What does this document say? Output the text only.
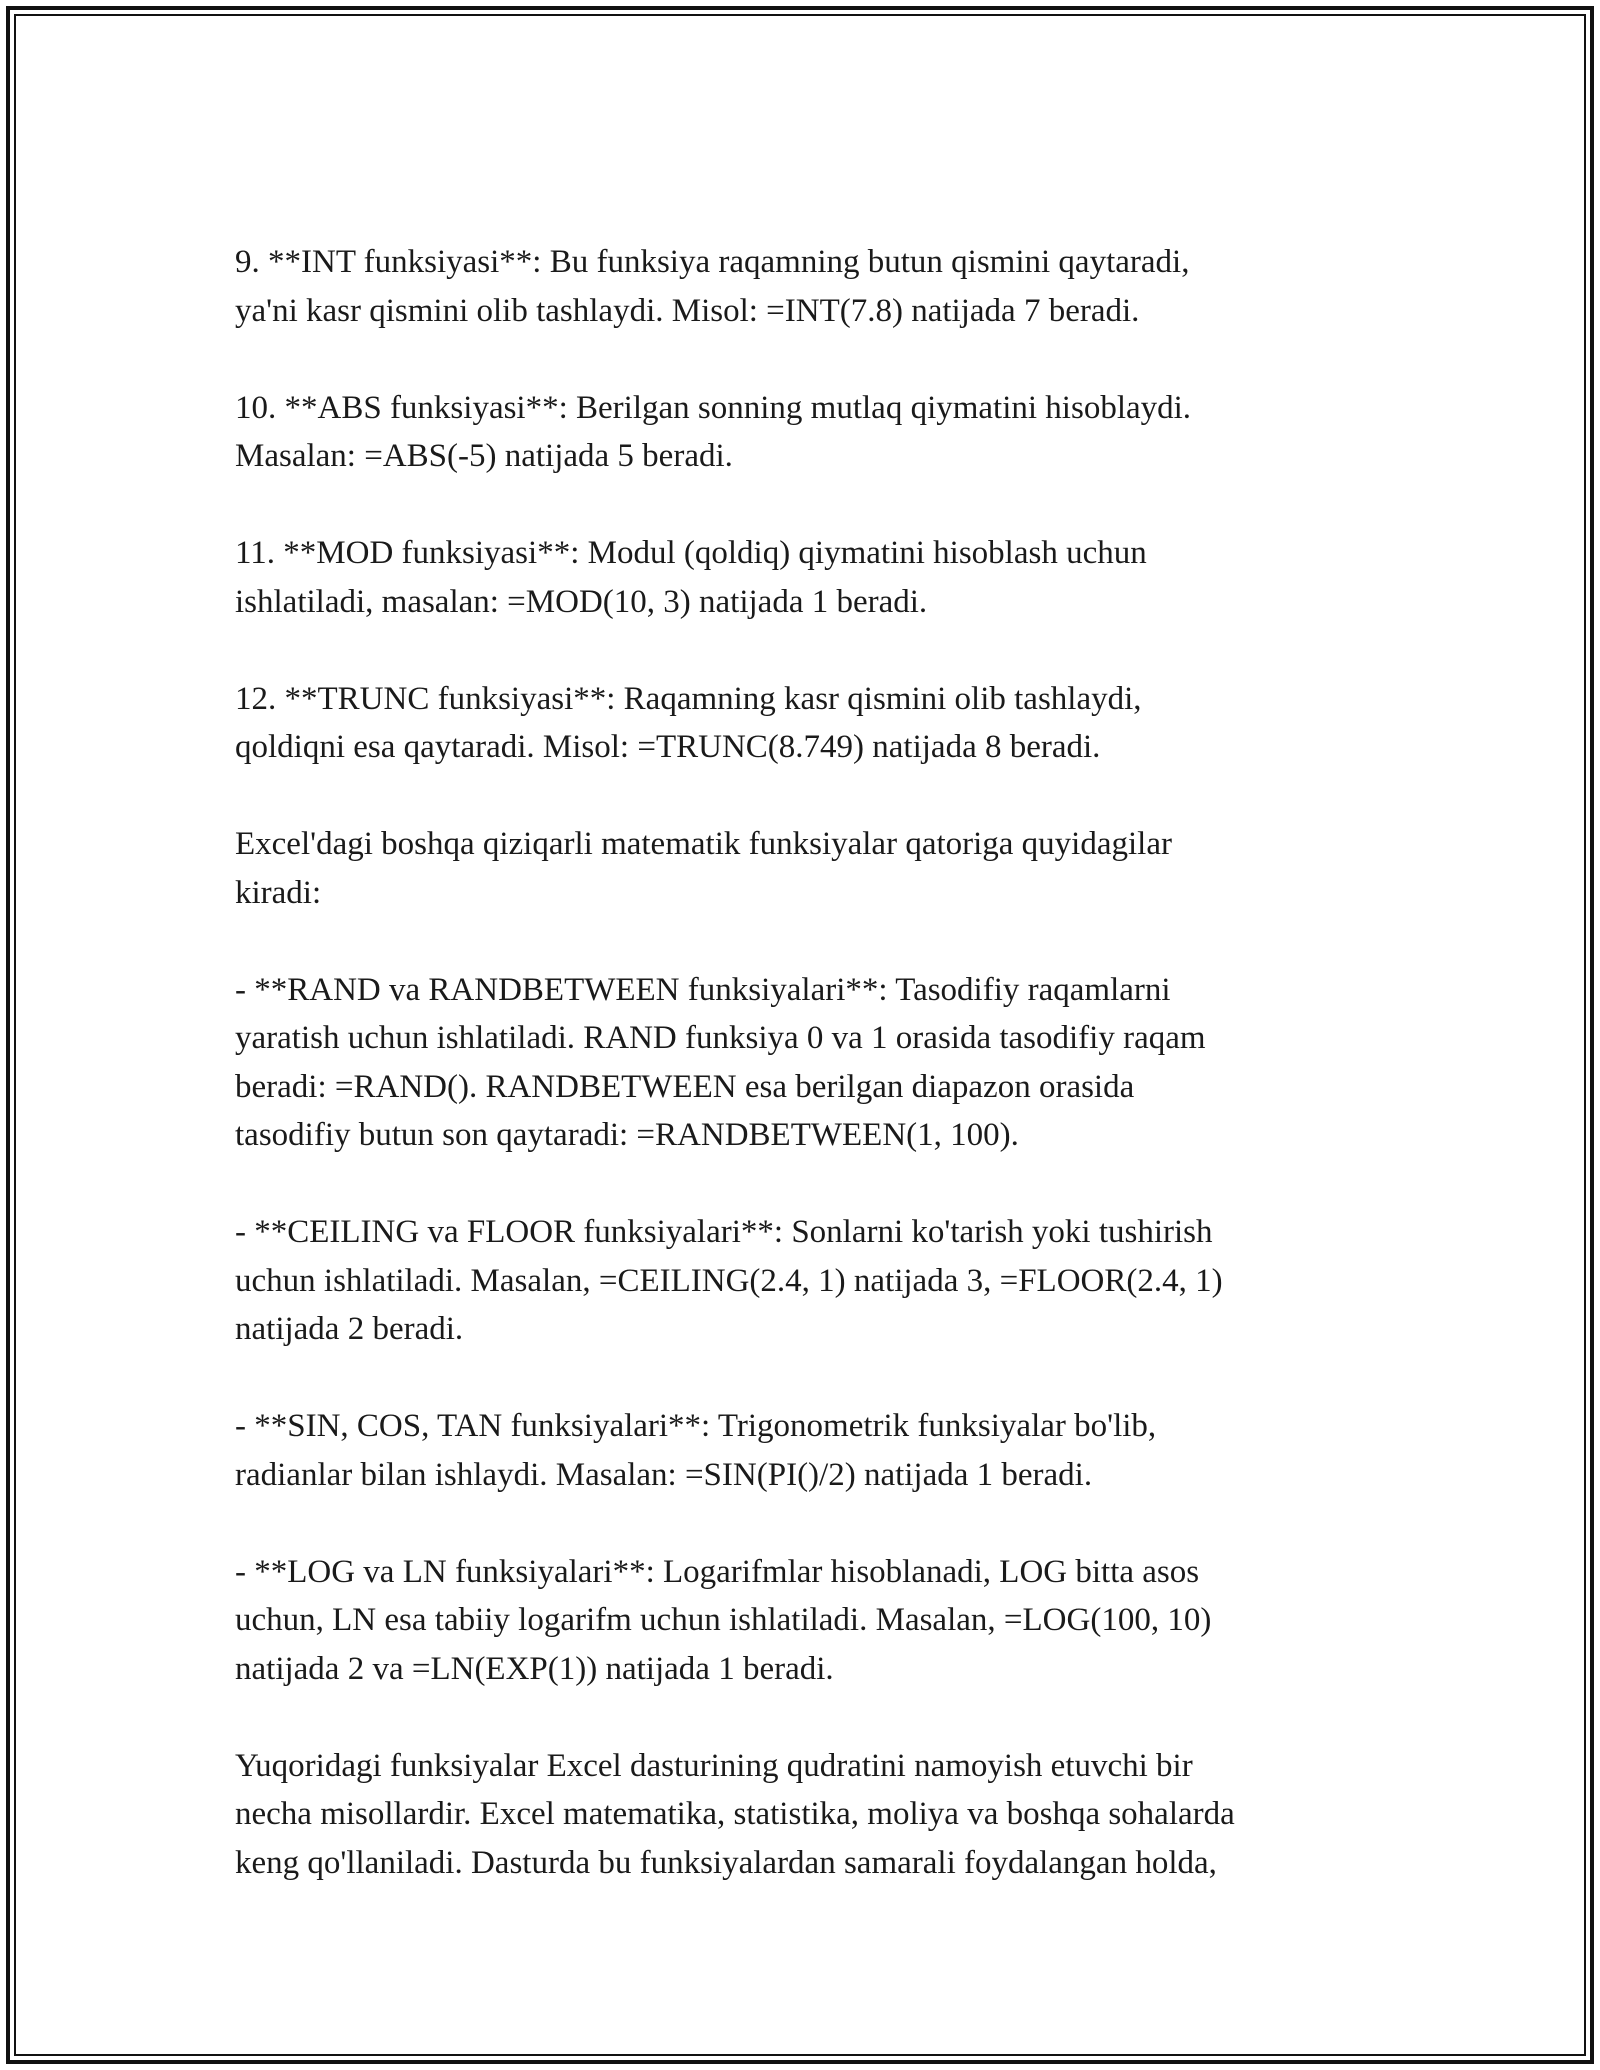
9. **INT funksiyasi**: Bu funksiya raqamning butun qismini qaytaradi,
ya'ni kasr qismini olib tashlaydi. Misol: =INT(7.8) natijada 7 beradi.

10. **ABS funksiyasi**: Berilgan sonning mutlaq qiymatini hisoblaydi.
Masalan: =ABS(-5) natijada 5 beradi.

11. **MOD funksiyasi**: Modul (qoldiq) qiymatini hisoblash uchun
ishlatiladi, masalan: =MOD(10, 3) natijada 1 beradi.

12. **TRUNC funksiyasi**: Raqamning kasr qismini olib tashlaydi,
qoldiqni esa qaytaradi. Misol: =TRUNC(8.749) natijada 8 beradi.

Excel'dagi boshqa qiziqarli matematik funksiyalar qatoriga quyidagilar
kiradi:

- **RAND va RANDBETWEEN funksiyalari**: Tasodifiy raqamlarni
yaratish uchun ishlatiladi. RAND funksiya 0 va 1 orasida tasodifiy raqam
beradi: =RAND(). RANDBETWEEN esa berilgan diapazon orasida
tasodifiy butun son qaytaradi: =RANDBETWEEN(1, 100).

- **CEILING va FLOOR funksiyalari**: Sonlarni ko'tarish yoki tushirish
uchun ishlatiladi. Masalan, =CEILING(2.4, 1) natijada 3, =FLOOR(2.4, 1)
natijada 2 beradi.

- **SIN, COS, TAN funksiyalari**: Trigonometrik funksiyalar bo'lib,
radianlar bilan ishlaydi. Masalan: =SIN(PI()/2) natijada 1 beradi.

- **LOG va LN funksiyalari**: Logarifmlar hisoblanadi, LOG bitta asos
uchun, LN esa tabiiy logarifm uchun ishlatiladi. Masalan, =LOG(100, 10)
natijada 2 va =LN(EXP(1)) natijada 1 beradi.

Yuqoridagi funksiyalar Excel dasturining qudratini namoyish etuvchi bir
necha misollardir. Excel matematika, statistika, moliya va boshqa sohalarda
keng qo'llaniladi. Dasturda bu funksiyalardan samarali foydalangan holda,
